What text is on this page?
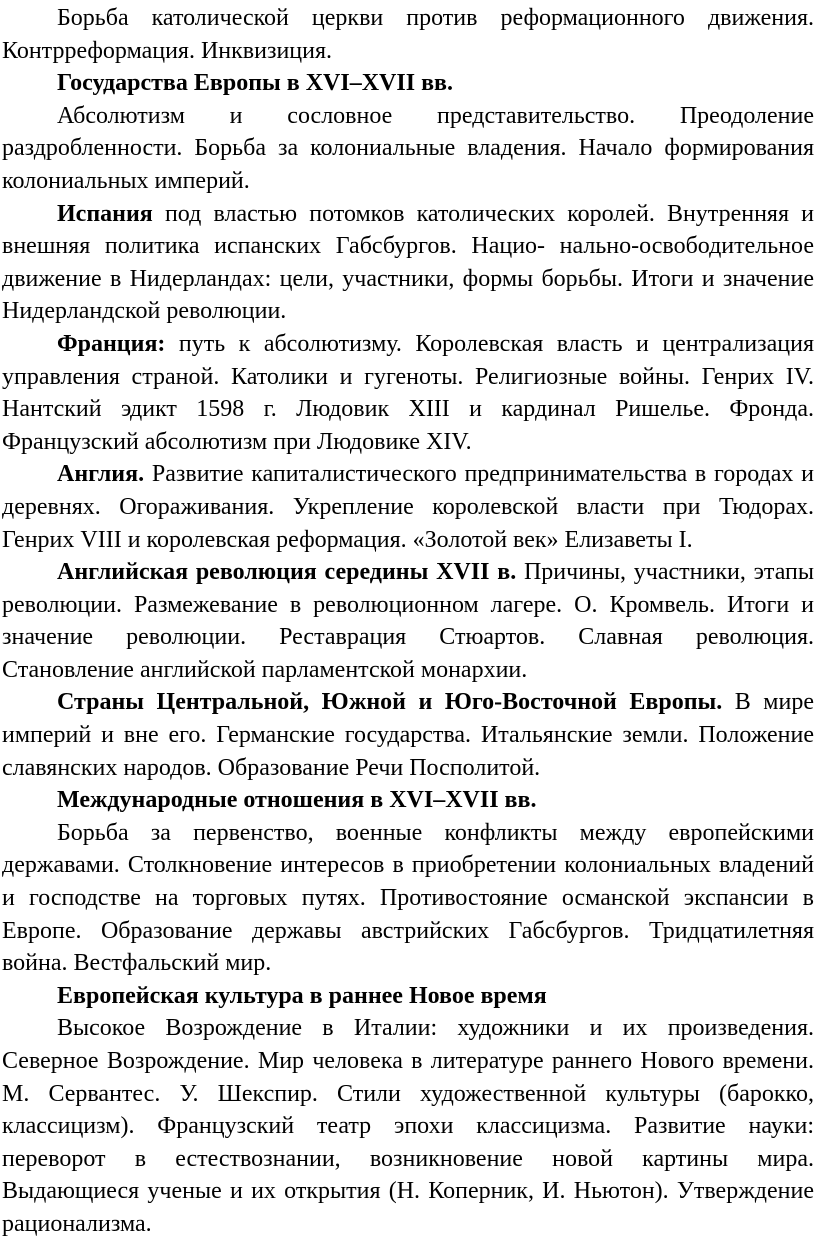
Борьба католической церкви против реформационного движения. Контрреформация. Инквизиция.

Государства Европы в XVI–XVII вв.

Абсолютизм и сословное представительство. Преодоление раздробленности. Борьба за колониальные владения. Начало формирования колониальных империй.

Испания под властью потомков католических королей. Внутренняя и внешняя политика испанских Габсбургов. Нацио- нально-освободительное движение в Нидерландах: цели, участники, формы борьбы. Итоги и значение Нидерландской революции.

Франция: путь к абсолютизму. Королевская власть и централизация управления страной. Католики и гугеноты. Религиозные войны. Генрих IV. Нантский эдикт 1598 г. Людовик XIII и кардинал Ришелье. Фронда. Французский абсолютизм при Людовике XIV.

Англия. Развитие капиталистического предпринимательства в городах и деревнях. Огораживания. Укрепление королевской власти при Тюдорах. Генрих VIII и королевская реформация. «Золотой век» Елизаветы I.

Английская революция середины XVII в. Причины, участники, этапы революции. Размежевание в революционном лагере. О. Кромвель. Итоги и значение революции. Реставрация Стюартов. Славная революция. Становление английской парламентской монархии.

Страны Центральной, Южной и Юго-Восточной Европы. В мире империй и вне его. Германские государства. Итальянские земли. Положение славянских народов. Образование Речи Посполитой.

Международные отношения в XVI–XVII вв.

Борьба за первенство, военные конфликты между европейскими державами. Столкновение интересов в приобретении колониальных владений и господстве на торговых путях. Противостояние османской экспансии в Европе. Образование державы австрийских Габсбургов. Тридцатилетняя война. Вестфальский мир.

Европейская культура в раннее Новое время

Высокое Возрождение в Италии: художники и их произведения. Северное Возрождение. Мир человека в литературе раннего Нового времени. М. Сервантес. У. Шекспир. Стили художественной культуры (барокко, классицизм). Французский театр эпохи классицизма. Развитие науки: переворот в естествознании, возникновение новой картины мира. Выдающиеся ученые и их открытия (Н. Коперник, И. Ньютон). Утверждение рационализма.
